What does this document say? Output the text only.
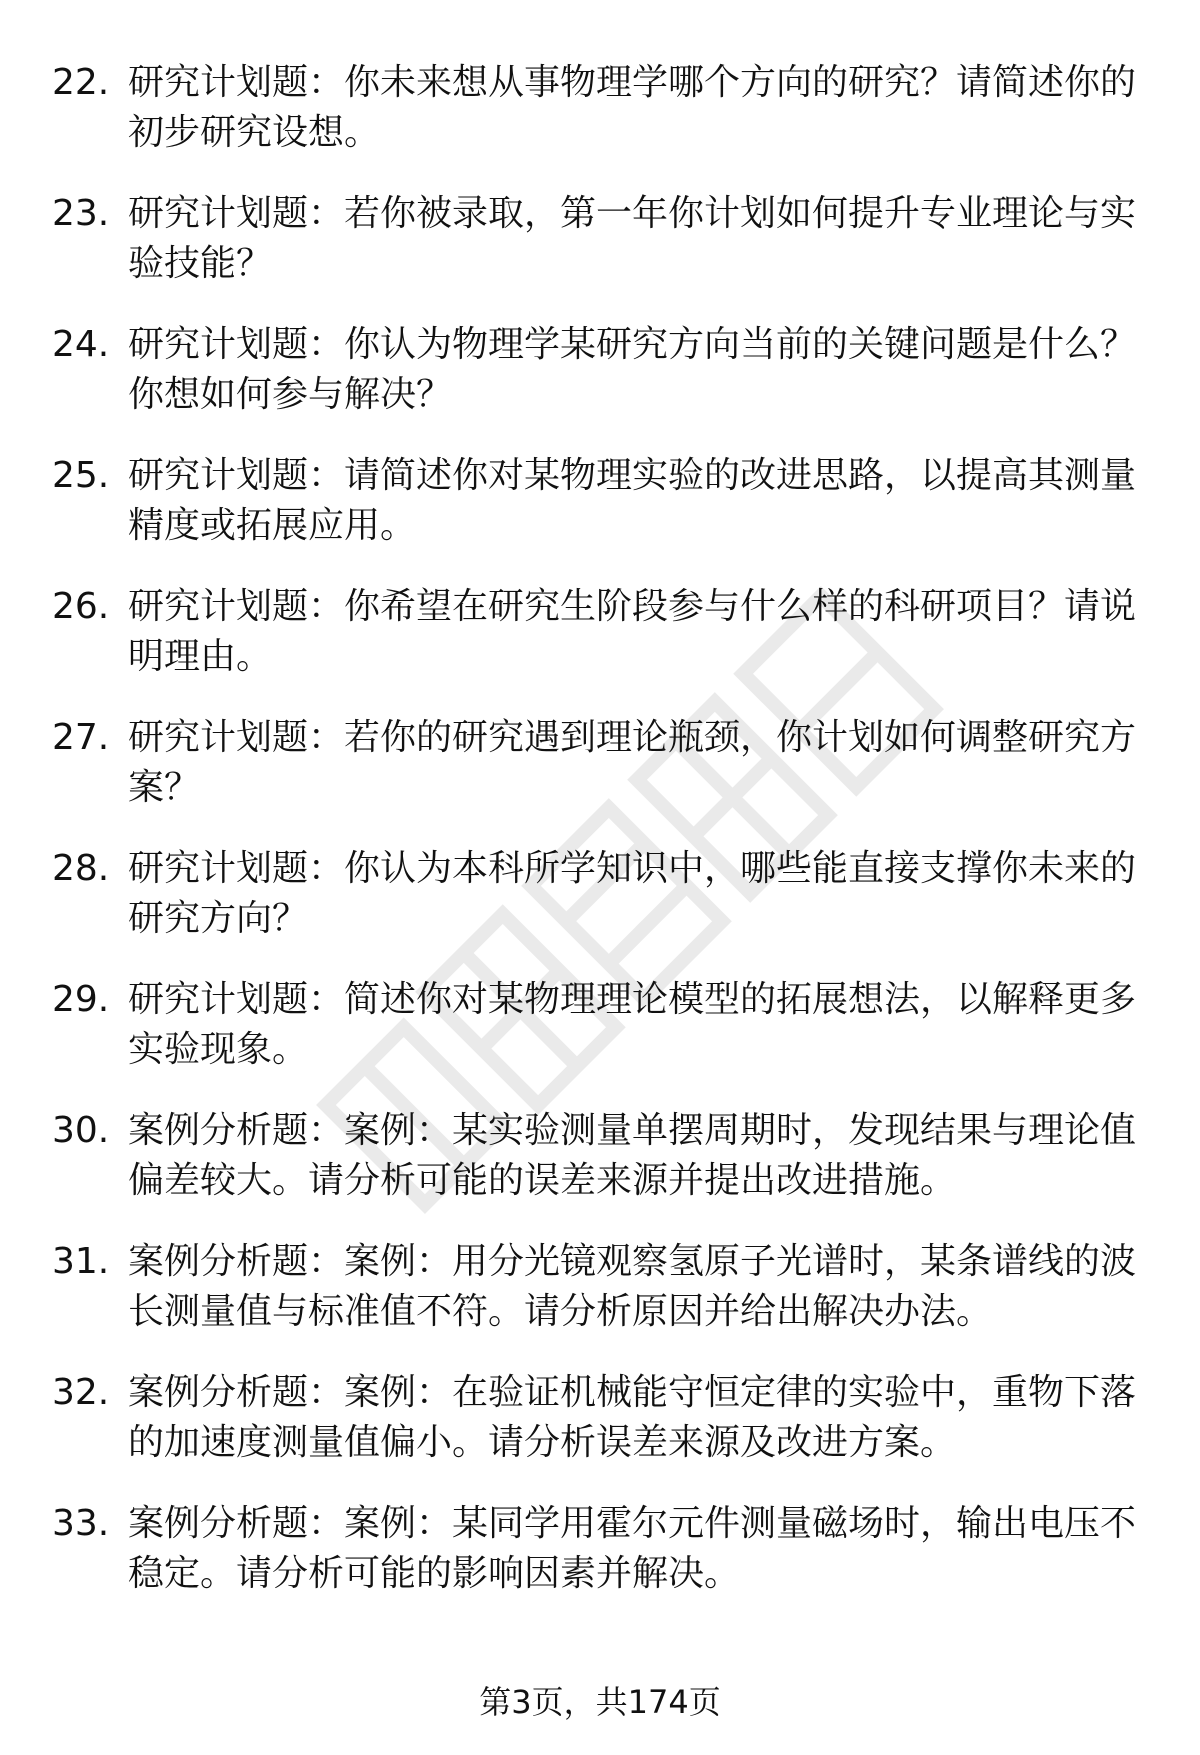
22. 研究计划题：你未来想从事物理学哪个方向的研究？请简述你的初步研究设想。
23. 研究计划题：若你被录取，第一年你计划如何提升专业理论与实验技能？
24. 研究计划题：你认为物理学某研究方向当前的关键问题是什么？你想如何参与解决？
25. 研究计划题：请简述你对某物理实验的改进思路，以提高其测量精度或拓展应用。
26. 研究计划题：你希望在研究生阶段参与什么样的科研项目？请说明理由。
27. 研究计划题：若你的研究遇到理论瓶颈，你计划如何调整研究方案？
28. 研究计划题：你认为本科所学知识中，哪些能直接支撑你未来的研究方向？
29. 研究计划题：简述你对某物理理论模型的拓展想法，以解释更多实验现象。
30. 案例分析题：案例：某实验测量单摆周期时，发现结果与理论值偏差较大。请分析可能的误差来源并提出改进措施。
31. 案例分析题：案例：用分光镜观察氢原子光谱时，某条谱线的波长测量值与标准值不符。请分析原因并给出解决办法。
32. 案例分析题：案例：在验证机械能守恒定律的实验中，重物下落的加速度测量值偏小。请分析误差来源及改进方案。
33. 案例分析题：案例：某同学用霍尔元件测量磁场时，输出电压不稳定。请分析可能的影响因素并解决。
第3页，共174页
